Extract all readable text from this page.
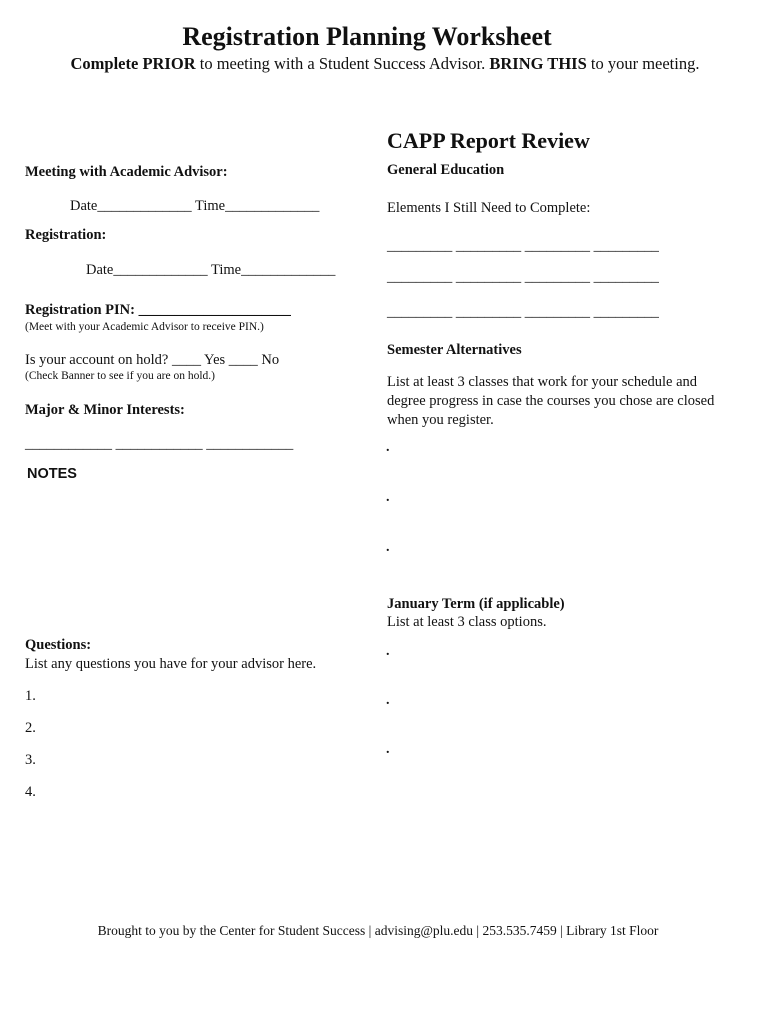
Registration Planning Worksheet
Complete PRIOR to meeting with a Student Success Advisor. BRING THIS to your meeting.
Meeting with Academic Advisor:
Date_____________ Time_____________
Registration:
Date_____________ Time_____________
Registration PIN: _____________________
(Meet with your Academic Advisor to receive PIN.)
Is your account on hold? ____ Yes ____ No
(Check Banner to see if you are on hold.)
Major & Minor Interests:
____________ ____________ ____________
NOTES
Questions:
List any questions you have for your advisor here.
1.
2.
3.
4.
CAPP Report Review
General Education
Elements I Still Need to Complete:
_________ _________ _________ _________
_________ _________ _________ _________
_________ _________ _________ _________
Semester Alternatives
List at least 3 classes that work for your schedule and degree progress in case the courses you chose are closed when you register.
.
.
.
January Term (if applicable)
List at least 3 class options.
.
.
.
Brought to you by the Center for Student Success | advising@plu.edu | 253.535.7459 | Library 1st Floor
